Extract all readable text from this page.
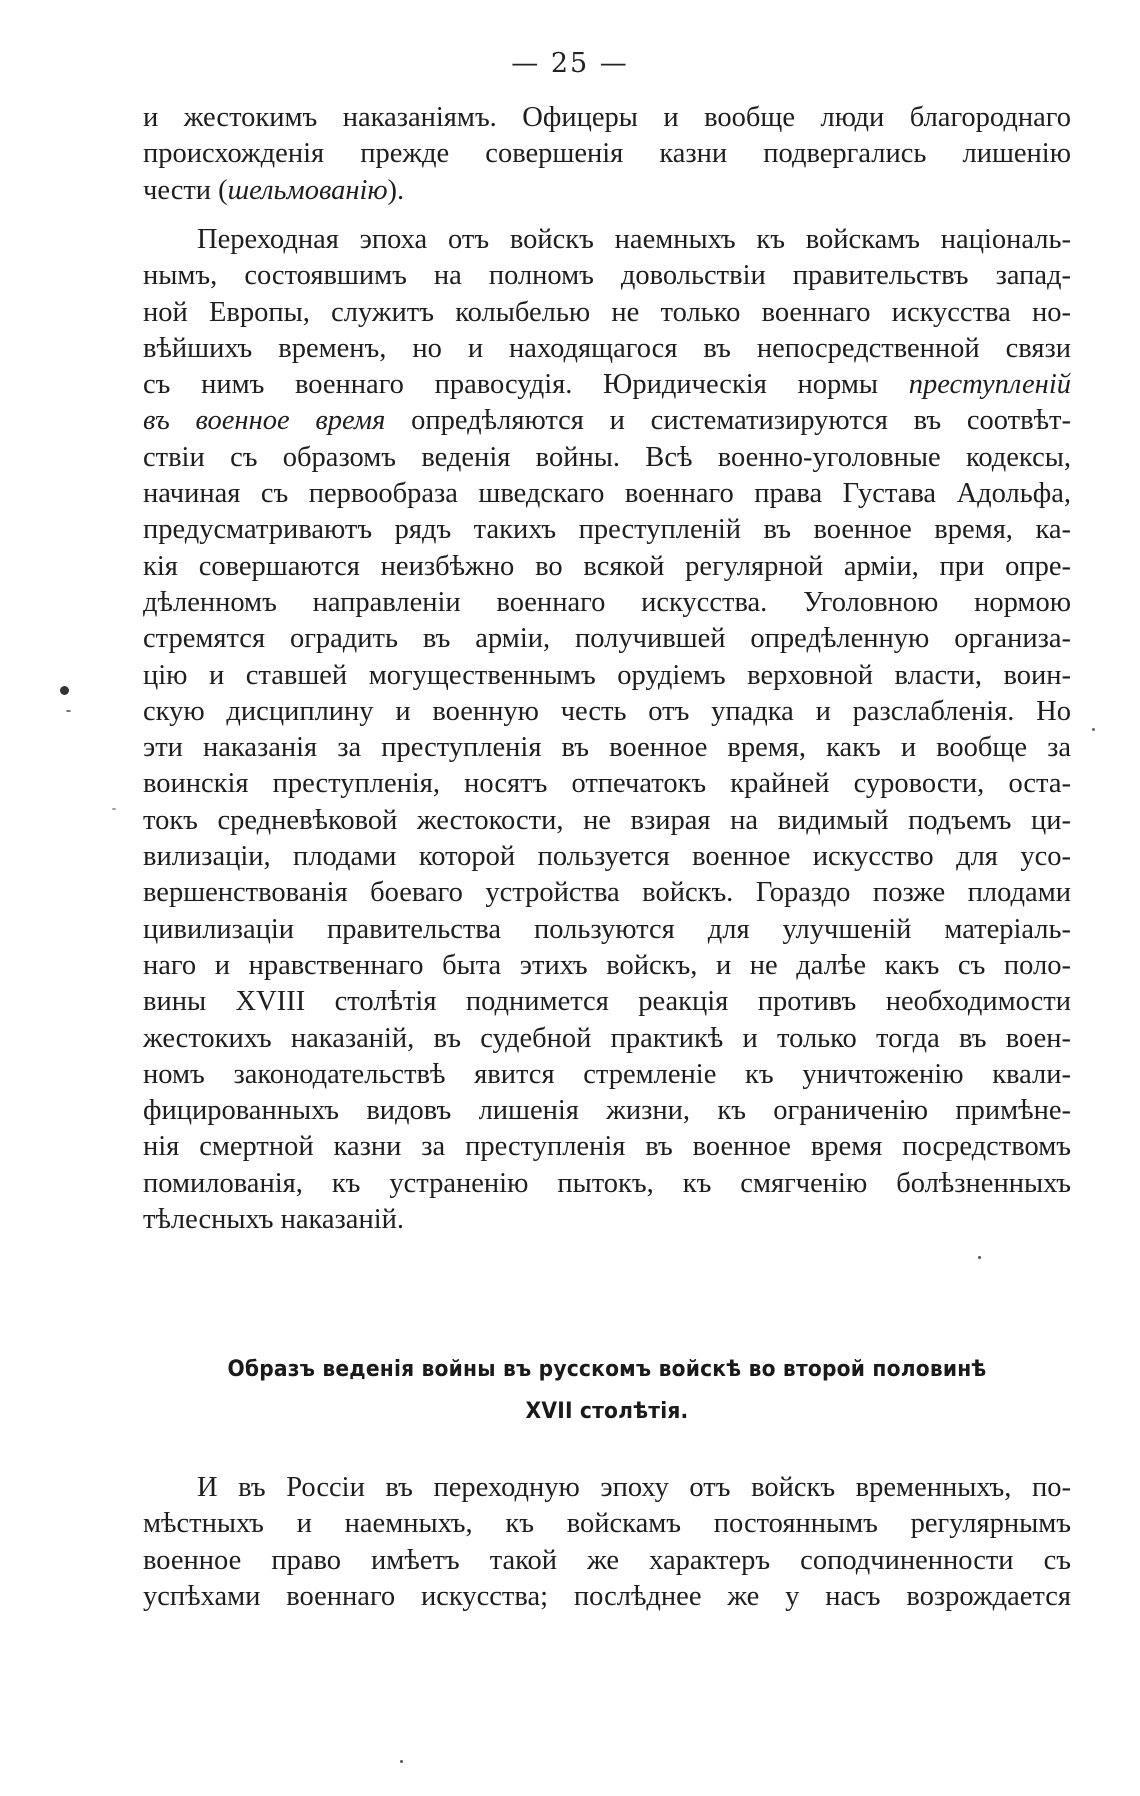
— 25 —
и жестокимъ наказаніямъ. Офицеры и вообще люди благороднаго
происхожденія прежде совершенія казни подвергались лишенію
чести (шельмованію).
Переходная эпоха отъ войскъ наемныхъ къ войскамъ національ-
нымъ, состоявшимъ на полномъ довольствіи правительствъ запад-
ной Европы, служитъ колыбелью не только военнаго искусства но-
вѣйшихъ временъ, но и находящагося въ непосредственной связи
съ нимъ военнаго правосудія. Юридическія нормы преступленій
въ военное время опредѣляются и систематизируются въ соотвѣт-
ствіи съ образомъ веденія войны. Всѣ военно-уголовные кодексы,
начиная съ первообраза шведскаго военнаго права Густава Адольфа,
предусматриваютъ рядъ такихъ преступленій въ военное время, ка-
кія совершаются неизбѣжно во всякой регулярной арміи, при опре-
дѣленномъ направленіи военнаго искусства. Уголовною нормою
стремятся оградить въ арміи, получившей опредѣленную организа-
цію и ставшей могущественнымъ орудіемъ верховной власти, воин-
скую дисциплину и военную честь отъ упадка и разслабленія. Но
эти наказанія за преступленія въ военное время, какъ и вообще за
воинскія преступленія, носятъ отпечатокъ крайней суровости, оста-
токъ средневѣковой жестокости, не взирая на видимый подъемъ ци-
вилизаціи, плодами которой пользуется военное искусство для усо-
вершенствованія боеваго устройства войскъ. Гораздо позже плодами
цивилизаціи правительства пользуются для улучшеній матеріаль-
наго и нравственнаго быта этихъ войскъ, и не далѣе какъ съ поло-
вины XVIII столѣтія поднимется реакція противъ необходимости
жестокихъ наказаній, въ судебной практикѣ и только тогда въ воен-
номъ законодательствѣ явится стремленіе къ уничтоженію квали-
фицированныхъ видовъ лишенія жизни, къ ограниченію примѣне-
нія смертной казни за преступленія въ военное время посредствомъ
помилованія, къ устраненію пытокъ, къ смягченію болѣзненныхъ
тѣлесныхъ наказаній.
Образъ веденія войны въ русскомъ войскѣ во второй половинѣ
XVII столѣтія.
И въ Россіи въ переходную эпоху отъ войскъ временныхъ, по-
мѣстныхъ и наемныхъ, къ войскамъ постояннымъ регулярнымъ
военное право имѣетъ такой же характеръ соподчиненности съ
успѣхами военнаго искусства; послѣднее же у насъ возрождается
